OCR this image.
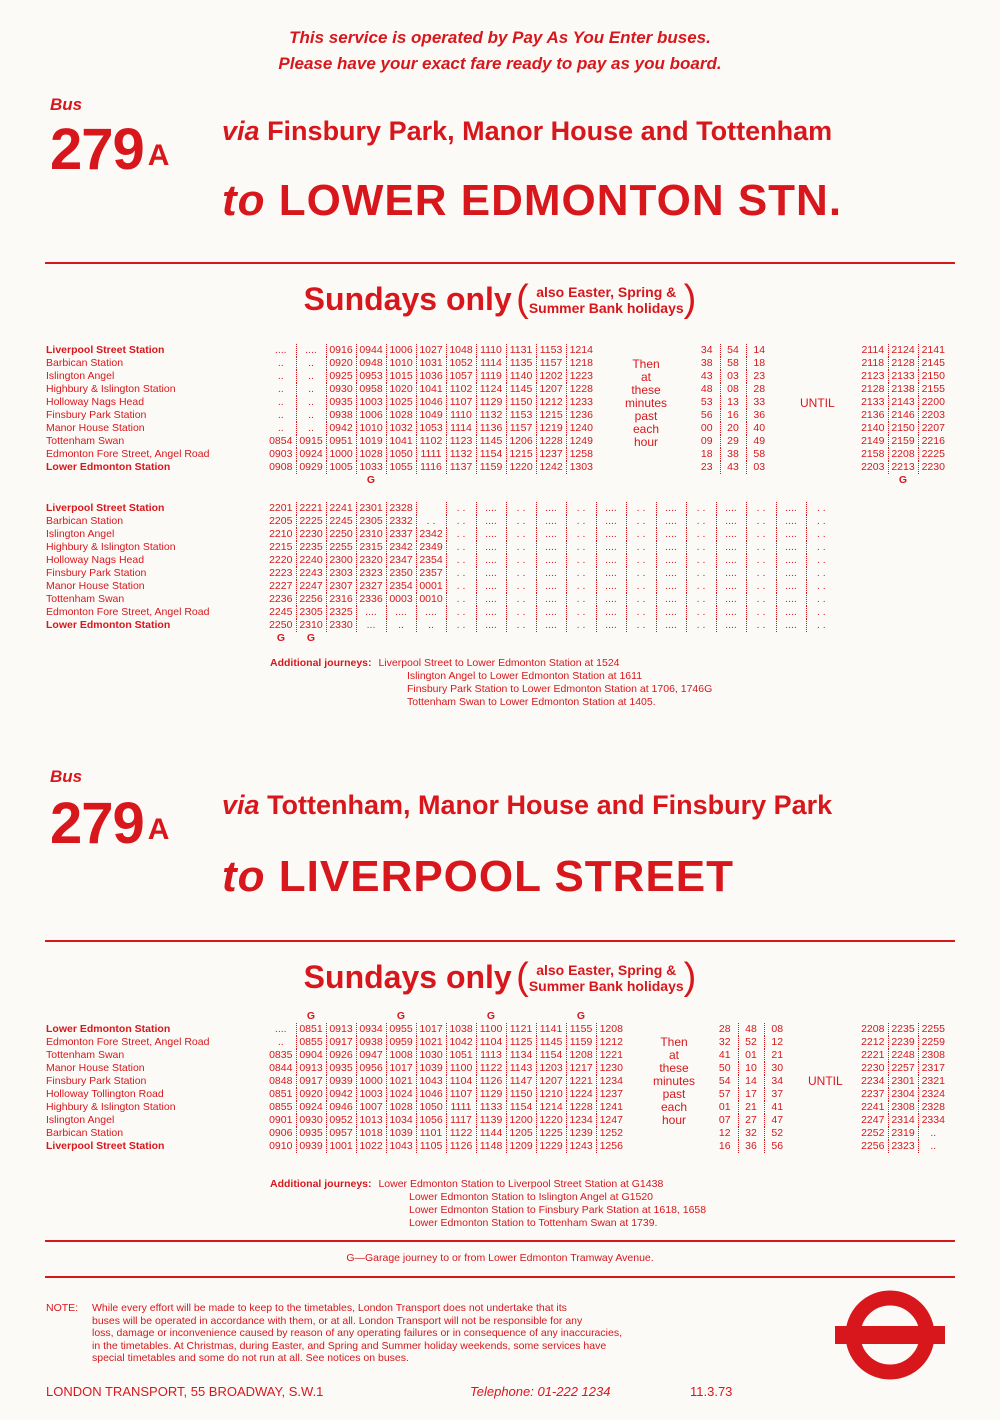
This service is operated by Pay As You Enter buses.
Please have your exact fare ready to pay as you board.
Bus
279 $^A$
via Finsbury Park, Manor House and Tottenham
to LOWER EDMONTON STN.
Sundays only ( also Easter, Spring &
Summer Bank holidays)
Liverpool Street Station	....	....	0916	0944	1006	1027	1048	1110	1131	1153	1214
Barbican Station	..	..	0920	0948	1010	1031	1052	1114	1135	1157	1218
Islington Angel	..	..	0925	0953	1015	1036	1057	1119	1140	1202	1223
Highbury & Islington Station	..	..	0930	0958	1020	1041	1102	1124	1145	1207	1228
Holloway Nags Head	..	..	0935	1003	1025	1046	1107	1129	1150	1212	1233
Finsbury Park Station	..	..	0938	1006	1028	1049	1110	1132	1153	1215	1236
Manor House Station	..	..	0942	1010	1032	1053	1114	1136	1157	1219	1240
Tottenham Swan	0854	0915	0951	1019	1041	1102	1123	1145	1206	1228	1249
Edmonton Fore Street, Angel Road	0903	0924	1000	1028	1050	1111	1132	1154	1215	1237	1258
Lower Edmonton Station	0908	0929	1005	1033	1055	1116	1137	1159	1220	1242	1303
				G							
Then
at
these
minutes
past
each
hour
34	54	14
38	58	18
43	03	23
48	08	28
53	13	33
56	16	36
00	20	40
09	29	49
18	38	58
23	43	03
UNTIL
2114	2124	2141
2118	2128	2145
2123	2133	2150
2128	2138	2155
2133	2143	2200
2136	2146	2203
2140	2150	2207
2149	2159	2216
2158	2208	2225
2203	2213	2230
	G	
Liverpool Street Station	2201	2221	2241	2301	2328		. .	....	. .	....	. .	....	. .	....	. .	....	. .	....	. .
Barbican Station	2205	2225	2245	2305	2332	. .	. .	....	. .	....	. .	....	. .	....	. .	....	. .	....	. .
Islington Angel	2210	2230	2250	2310	2337	2342	. .	....	. .	....	. .	....	. .	....	. .	....	. .	....	. .
Highbury & Islington Station	2215	2235	2255	2315	2342	2349	. .	....	. .	....	. .	....	. .	....	. .	....	. .	....	. .
Holloway Nags Head	2220	2240	2300	2320	2347	2354	. .	....	. .	....	. .	....	. .	....	. .	....	. .	....	. .
Finsbury Park Station	2223	2243	2303	2323	2350	2357	. .	....	. .	....	. .	....	. .	....	. .	....	. .	....	. .
Manor House Station	2227	2247	2307	2327	2354	0001	. .	....	. .	....	. .	....	. .	....	. .	....	. .	....	. .
Tottenham Swan	2236	2256	2316	2336	0003	0010	. .	....	. .	....	. .	....	. .	....	. .	....	. .	....	. .
Edmonton Fore Street, Angel Road	2245	2305	2325	....	....	....	. .	....	. .	....	. .	....	. .	....	. .	....	. .	....	. .
Lower Edmonton Station	2250	2310	2330	...	..	..	. .	....	. .	....	. .	....	. .	....	. .	....	. .	....	. .
	G	G																	
Additional journeys: Liverpool Street to Lower Edmonton Station at 1524

Islington Angel to Lower Edmonton Station at 1611
Finsbury Park Station to Lower Edmonton Station at 1706, 1746G
Tottenham Swan to Lower Edmonton Station at 1405.
Bus
279 $^A$
via Tottenham, Manor House and Finsbury Park
to LIVERPOOL STREET
Sundays only ( also Easter, Spring &
Summer Bank holidays)
		G			G			G			G	
Lower Edmonton Station	....	0851	0913	0934	0955	1017	1038	1100	1121	1141	1155	1208
Edmonton Fore Street, Angel Road	..	0855	0917	0938	0959	1021	1042	1104	1125	1145	1159	1212
Tottenham Swan	0835	0904	0926	0947	1008	1030	1051	1113	1134	1154	1208	1221
Manor House Station	0844	0913	0935	0956	1017	1039	1100	1122	1143	1203	1217	1230
Finsbury Park Station	0848	0917	0939	1000	1021	1043	1104	1126	1147	1207	1221	1234
Holloway Tollington Road	0851	0920	0942	1003	1024	1046	1107	1129	1150	1210	1224	1237
Highbury & Islington Station	0855	0924	0946	1007	1028	1050	1111	1133	1154	1214	1228	1241
Islington Angel	0901	0930	0952	1013	1034	1056	1117	1139	1200	1220	1234	1247
Barbican Station	0906	0935	0957	1018	1039	1101	1122	1144	1205	1225	1239	1252
Liverpool Street Station	0910	0939	1001	1022	1043	1105	1126	1148	1209	1229	1243	1256
Then
at
these
minutes
past
each
hour
28	48	08
32	52	12
41	01	21
50	10	30
54	14	34
57	17	37
01	21	41
07	27	47
12	32	52
16	36	56
UNTIL
2208	2235	2255
2212	2239	2259
2221	2248	2308
2230	2257	2317
2234	2301	2321
2237	2304	2324
2241	2308	2328
2247	2314	2334
2252	2319	..
2256	2323	..
Additional journeys: Lower Edmonton Station to Liverpool Street Station at G1438
Lower Edmonton Station to Islington Angel at G1520
Lower Edmonton Station to Finsbury Park Station at 1618, 1658
Lower Edmonton Station to Tottenham Swan at 1739.
G—Garage journey to or from Lower Edmonton Tramway Avenue.
NOTE: While every effort will be made to keep to the timetables, London Transport does not undertake that its
buses will be operated in accordance with them, or at all. London Transport will not be responsible for any
loss, damage or inconvenience caused by reason of any operating failures or in consequence of any inaccuracies,
in the timetables. At Christmas, during Easter, and Spring and Summer holiday weekends, some services have
special timetables and some do not run at all. See notices on buses.
LONDON TRANSPORT, 55 BROADWAY, S.W.1	Telephone: 01-222 1234	11.3.73
